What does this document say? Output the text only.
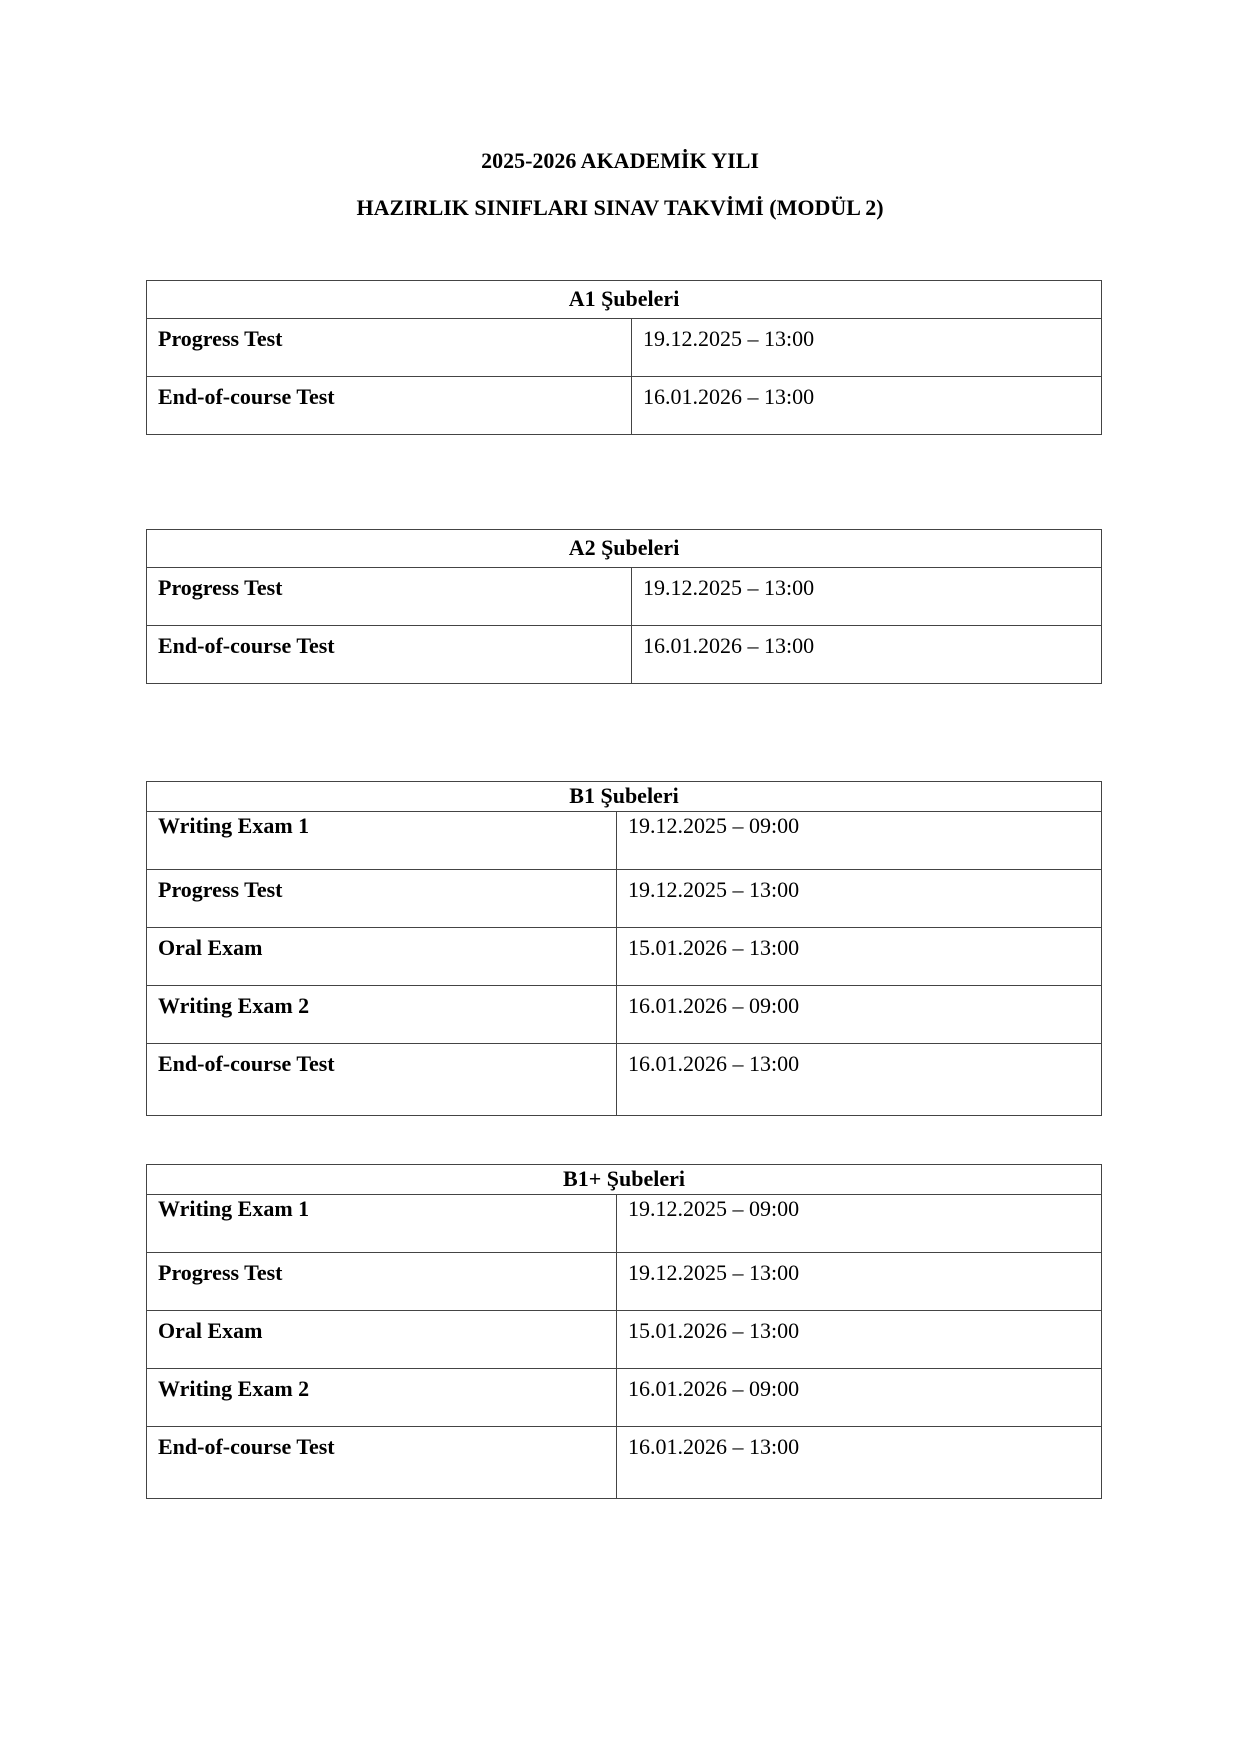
2025-2026 AKADEMİK YILI
HAZIRLIK SINIFLARI SINAV TAKVİMİ (MODÜL 2)
A1 Şubeleri	
Progress Test	19.12.2025 – 13:00
End-of-course Test	16.01.2026 – 13:00
A2 Şubeleri	
Progress Test	19.12.2025 – 13:00
End-of-course Test	16.01.2026 – 13:00
B1 Şubeleri	
Writing Exam 1	19.12.2025 – 09:00
Progress Test	19.12.2025 – 13:00
Oral Exam	15.01.2026 – 13:00
Writing Exam 2	16.01.2026 – 09:00
End-of-course Test	16.01.2026 – 13:00
B1+ Şubeleri	
Writing Exam 1	19.12.2025 – 09:00
Progress Test	19.12.2025 – 13:00
Oral Exam	15.01.2026 – 13:00
Writing Exam 2	16.01.2026 – 09:00
End-of-course Test	16.01.2026 – 13:00
